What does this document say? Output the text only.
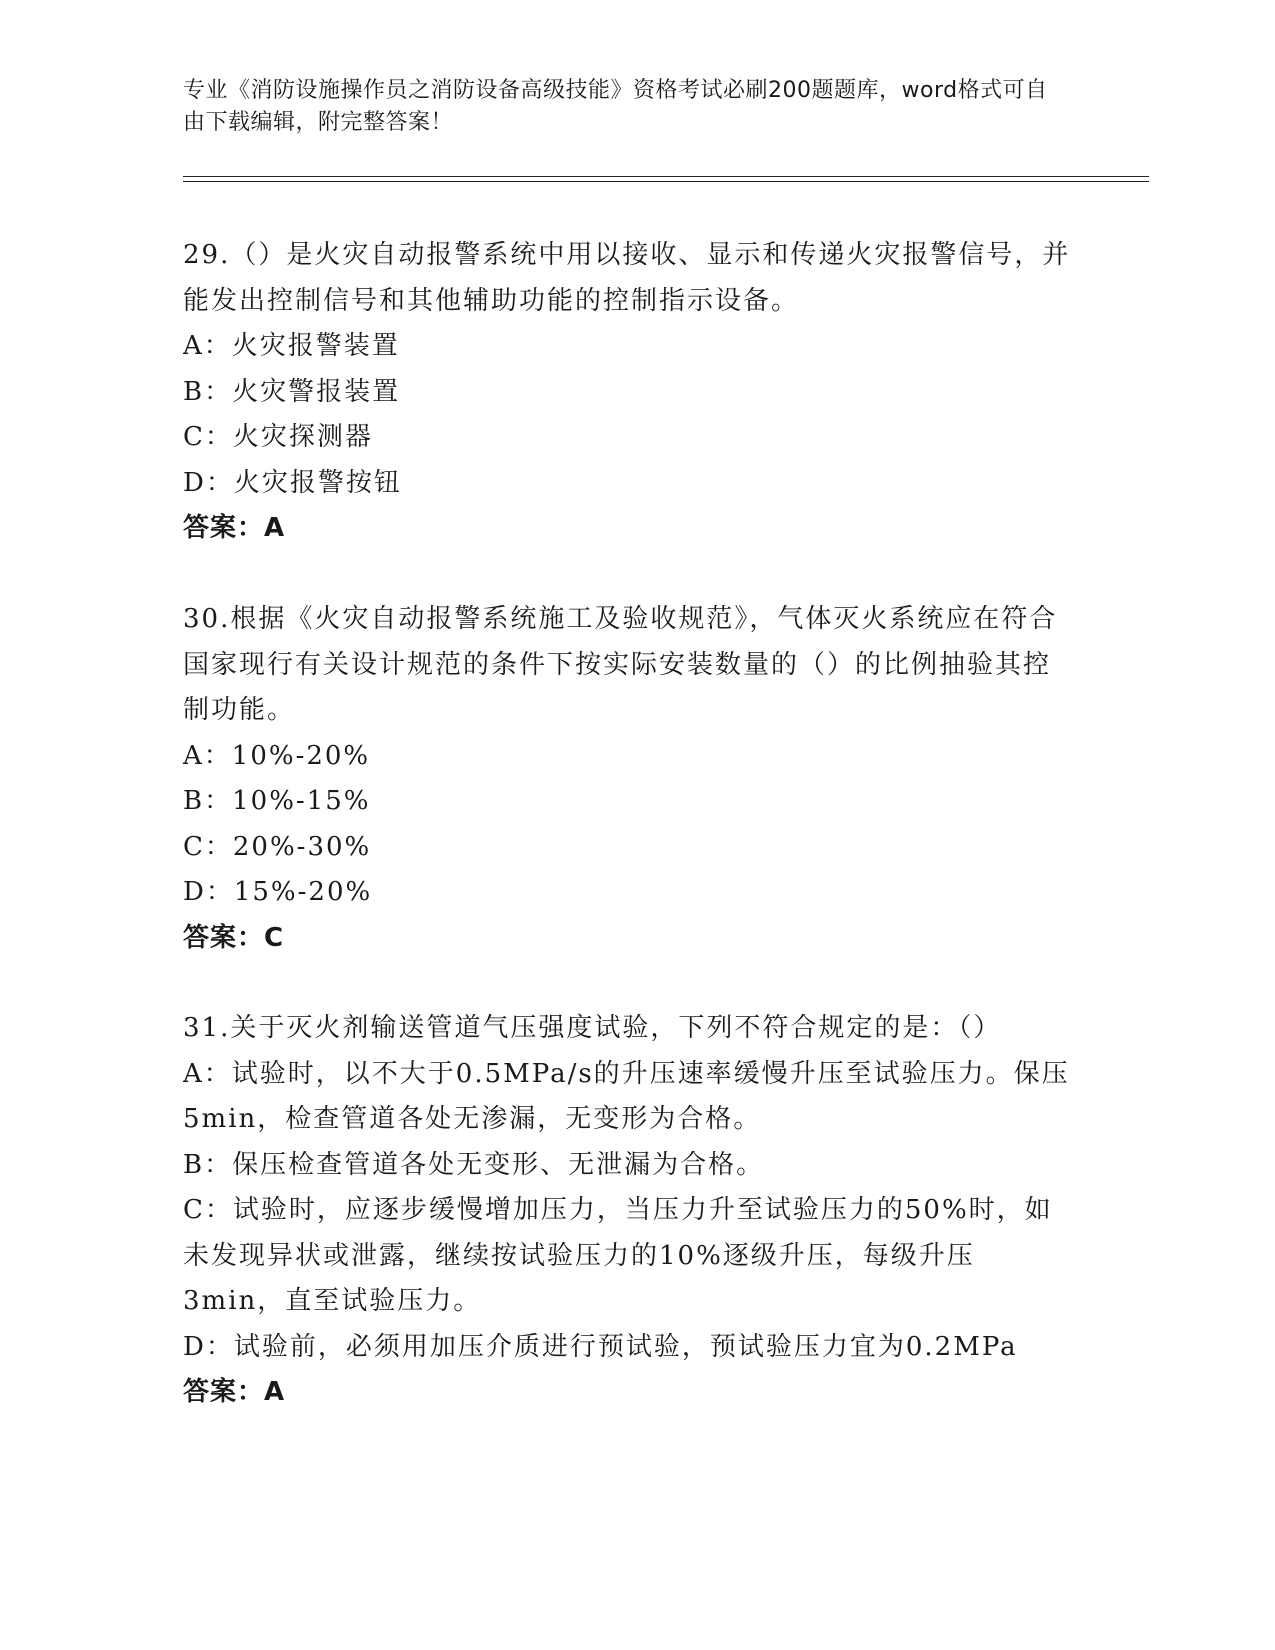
专业《消防设施操作员之消防设备高级技能》资格考试必刷200题题库，word格式可自由下载编辑，附完整答案！

29.（）是火灾自动报警系统中用以接收、显示和传递火灾报警信号，并能发出控制信号和其他辅助功能的控制指示设备。

A：火灾报警装置

B：火灾警报装置

C：火灾探测器

D：火灾报警按钮

答案：A

30.根据《火灾自动报警系统施工及验收规范》，气体灭火系统应在符合国家现行有关设计规范的条件下按实际安装数量的（）的比例抽验其控制功能。

A：10%-20%

B：10%-15%

C：20%-30%

D：15%-20%

答案：C

31.关于灭火剂输送管道气压强度试验，下列不符合规定的是：（）

A：试验时，以不大于0.5MPa/s的升压速率缓慢升压至试验压力。保压5min，检查管道各处无渗漏，无变形为合格。

B：保压检查管道各处无变形、无泄漏为合格。

C：试验时，应逐步缓慢增加压力，当压力升至试验压力的50%时，如未发现异状或泄露，继续按试验压力的10%逐级升压，每级升压3min，直至试验压力。

D：试验前，必须用加压介质进行预试验，预试验压力宜为0.2MPa

答案：A
